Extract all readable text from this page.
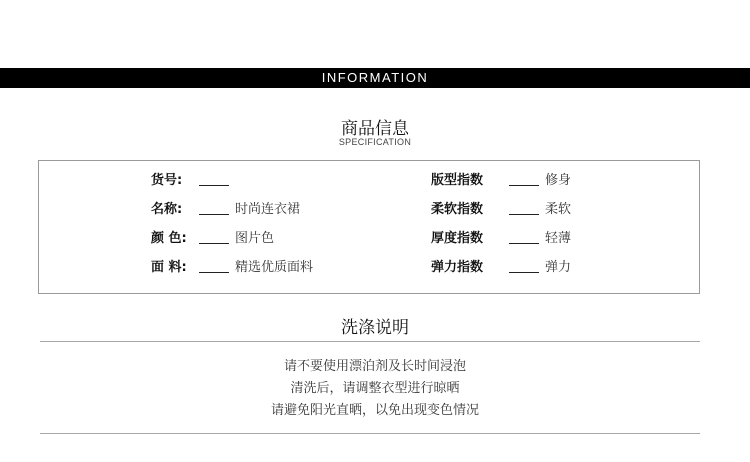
INFORMATION
商品信息
SPECIFICATION
货号:
名称:	时尚连衣裙
颜 色:	图片色
面 料:	精选优质面料
版型指数	修身
柔软指数	柔软
厚度指数	轻薄
弹力指数	弹力
洗涤说明
请不要使用漂泊剂及长时间浸泡
清洗后，请调整衣型进行晾晒
请避免阳光直晒，以免出现变色情况
